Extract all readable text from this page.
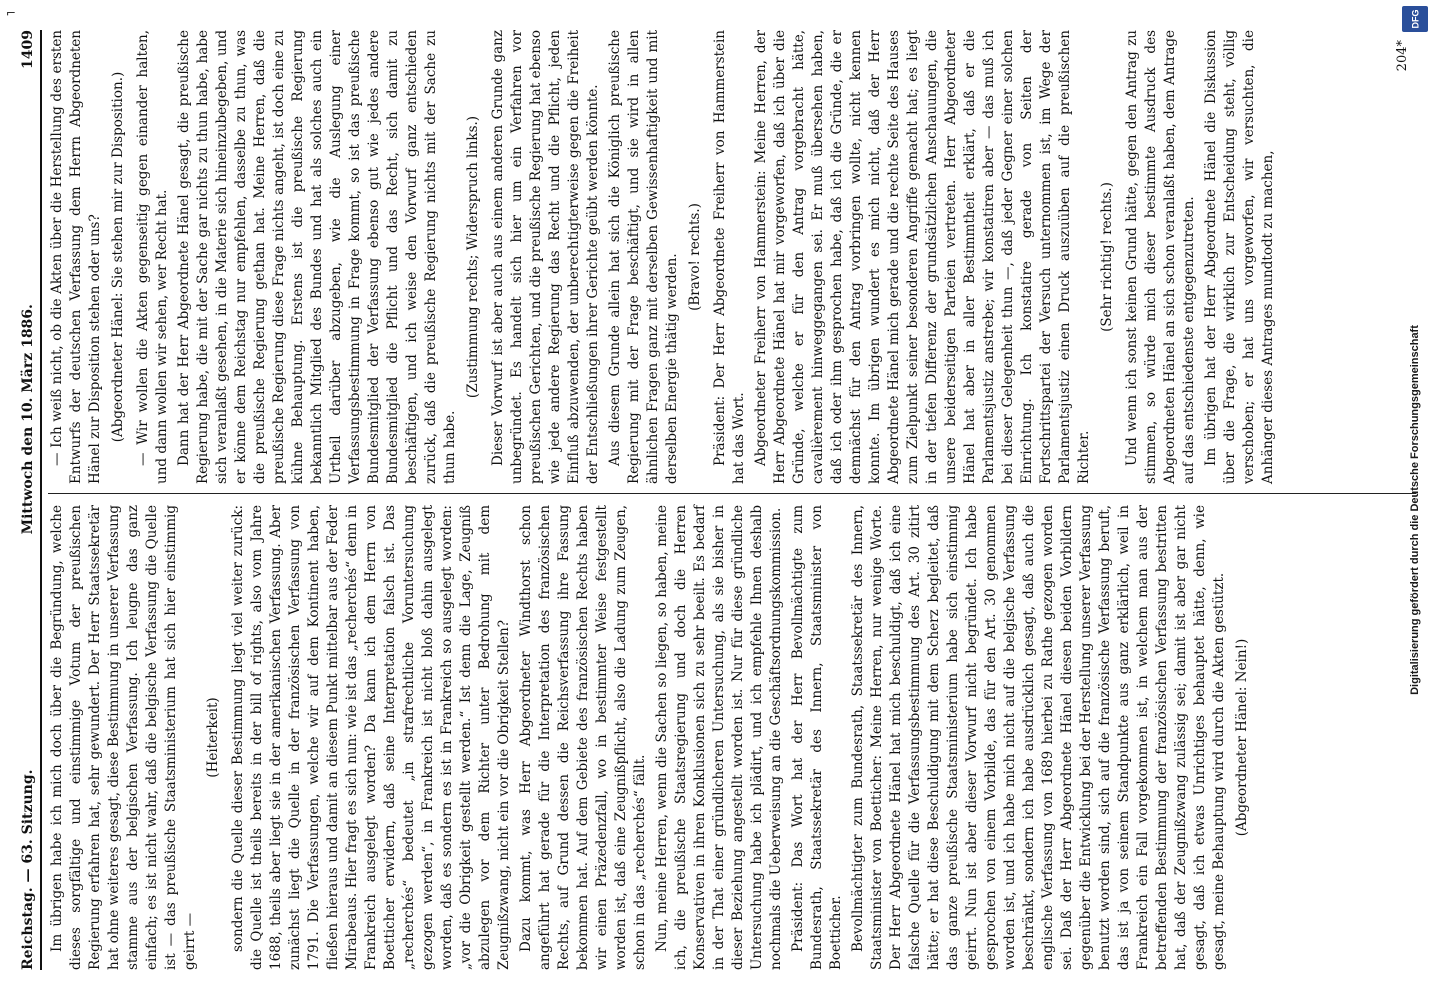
⌐
Reichstag. — 63. Sitzung.
Mittwoch den 10. März 1886.
1409

Im übrigen habe ich mich doch über die Begründung, welche dieses sorgfältige und einstimmige Votum der preußischen Regierung erfahren hat, sehr gewundert. Der Herr Staatssekretär hat ohne weiteres gesagt, diese Bestimmung in unserer Verfassung stamme aus der belgischen Verfassung. Ich leugne das ganz einfach; es ist nicht wahr, daß die belgische Verfassung die Quelle ist — das preußische Staatsministerium hat sich hier einstimmig geirrt —

(Heiterkeit) sondern die Quelle dieser Bestimmung liegt viel weiter zurück: die Quelle ist theils bereits in der bill of rights, also vom Jahre 1688, theils aber liegt sie in der amerikanischen Verfassung. Aber zunächst liegt die Quelle in der französischen Verfassung von 1791. Die Verfassungen, welche wir auf dem Kontinent haben, fließen hieraus und damit an diesem Punkt mittelbar aus der Feder Mirabeaus. Hier fragt es sich nun: wie ist das „recherchés“ denn in Frankreich ausgelegt worden? Da kann ich dem Herrn von Boetticher erwidern, daß seine Interpretation falsch ist. Das „recherchés“ bedeutet „in strafrechtliche Voruntersuchung gezogen werden“, in Frankreich ist nicht bloß dahin ausgelegt worden, daß es sondern es ist in Frankreich so ausgelegt worden: „vor die Obrigkeit gestellt werden.“ Ist denn die Lage, Zeugniß abzulegen vor dem Richter unter Bedrohung mit dem Zeugnißzwang, nicht ein vor die Obrigkeit Stellen? Dazu kommt, was Herr Abgeordneter Windthorst schon angeführt hat gerade für die Interpretation des französischen Rechts, auf Grund dessen die Reichsverfassung ihre Fassung bekommen hat. Auf dem Gebiete des französischen Rechts haben wir einen Präzedenzfall, wo in bestimmter Weise festgestellt worden ist, daß eine Zeugnißpflicht, also die Ladung zum Zeugen, schon in das „recherchés“ fällt. Nun, meine Herren, wenn die Sachen so liegen, so haben, meine ich, die preußische Staatsregierung und doch die Herren Konservativen in ihren Konklusionen sich zu sehr beeilt. Es bedarf in der That einer gründlicheren Untersuchung, als sie bisher in dieser Beziehung angestellt worden ist. Nur für diese gründliche Untersuchung habe ich plädirt, und ich empfehle Ihnen deshalb nochmals die Ueberweisung an die Geschäftsordnungskommission. Präsident: Das Wort hat der Herr Bevollmächtigte zum Bundesrath, Staatssekretär des Innern, Staatsminister von Boetticher. Bevollmächtigter zum Bundesrath, Staatssekretär des Innern, Staatsminister von Boetticher: Meine Herren, nur wenige Worte. Der Herr Abgeordnete Hänel hat mich beschuldigt, daß ich eine falsche Quelle für die Verfassungsbestimmung des Art. 30 zitirt hätte; er hat diese Beschuldigung mit dem Scherz begleitet, daß das ganze preußische Staatsministerium habe sich einstimmig geirrt. Nun ist aber dieser Vorwurf nicht begründet. Ich habe gesprochen von einem Vorbilde, das für den Art. 30 genommen worden ist, und ich habe mich nicht auf die belgische Verfassung beschränkt, sondern ich habe ausdrücklich gesagt, daß auch die englische Verfassung von 1689 hierbei zu Rathe gezogen worden sei. Daß der Herr Abgeordnete Hänel diesen beiden Vorbildern gegenüber die Entwicklung bei der Herstellung unserer Verfassung benutzt worden sind, sich auf die französische Verfassung beruft, das ist ja von seinem Standpunkte aus ganz erklärlich, weil in Frankreich ein Fall vorgekommen ist, in welchem man aus der betreffenden Bestimmung der französischen Verfassung bestritten hat, daß der Zeugnißzwang zulässig sei; damit ist aber gar nicht gesagt, daß ich etwas Unrichtiges behauptet hätte, denn, wie gesagt, meine Behauptung wird durch die Akten gestützt. (Abgeordneter Hänel: Nein!)

— Ich weiß nicht, ob die Akten über die Herstellung des ersten Entwurfs der deutschen Verfassung dem Herrn Abgeordneten Hänel zur Disposition stehen oder uns? (Abgeordneter Hänel: Sie stehen mir zur Disposition.) — Wir wollen die Akten gegenseitig gegen einander halten, und dann wollen wir sehen, wer Recht hat. Dann hat der Herr Abgeordnete Hänel gesagt, die preußische Regierung habe, die mit der Sache gar nichts zu thun habe, habe sich veranlaßt gesehen, in die Materie sich hineinzubegeben, und er könne dem Reichstag nur empfehlen, dasselbe zu thun, was die preußische Regierung gethan hat. Meine Herren, daß die preußische Regierung diese Frage nichts angeht, ist doch eine zu kühne Behauptung. Erstens ist die preußische Regierung bekanntlich Mitglied des Bundes und hat als solches auch ein Urtheil darüber abzugeben, wie die Auslegung einer Verfassungsbestimmung in Frage kommt, so ist das preußische Bundesmitglied der Verfassung ebenso gut wie jedes andere Bundesmitglied die Pflicht und das Recht, sich damit zu beschäftigen, und ich weise den Vorwurf ganz entschieden zurück, daß die preußische Regierung nichts mit der Sache zu thun habe.

(Zustimmung rechts; Widerspruch links.) Dieser Vorwurf ist aber auch aus einem anderen Grunde ganz unbegründet. Es handelt sich hier um ein Verfahren vor preußischen Gerichten, und die preußische Regierung hat ebenso wie jede andere Regierung das Recht und die Pflicht, jeden Einfluß abzuwenden, der unberechtigterweise gegen die Freiheit der Entschließungen ihrer Gerichte geübt werden könnte. Aus diesem Grunde allein hat sich die Königlich preußische Regierung mit der Frage beschäftigt, und sie wird in allen ähnlichen Fragen ganz mit derselben Gewissenhaftigkeit und mit derselben Energie thätig werden. (Bravo! rechts.) Präsident: Der Herr Abgeordnete Freiherr von Hammerstein hat das Wort. Abgeordneter Freiherr von Hammerstein: Meine Herren, der Herr Abgeordnete Hänel hat mir vorgeworfen, daß ich über die Gründe, welche er für den Antrag vorgebracht hätte, cavalièrement hinweggegangen sei. Er muß übersehen haben, daß ich oder ihm gesprochen habe, daß ich die Gründe, die er demnächst für den Antrag vorbringen wollte, nicht kennen konnte. Im übrigen wundert es mich nicht, daß der Herr Abgeordnete Hänel mich gerade und die rechte Seite des Hauses zum Zielpunkt seiner besonderen Angriffe gemacht hat; es liegt in der tiefen Differenz der grundsätzlichen Anschauungen, die unsere beiderseitigen Parteien vertreten. Herr Abgeordneter Hänel hat aber in aller Bestimmtheit erklärt, daß er die Parlamentsjustiz anstrebe; wir konstatiren aber — das muß ich bei dieser Gelegenheit thun —, daß jeder Gegner einer solchen Einrichtung. Ich konstatire gerade von Seiten der Fortschrittspartei der Versuch unternommen ist, im Wege der Parlamentsjustiz einen Druck auszuüben auf die preußischen Richter.

(Sehr richtig! rechts.) Und wenn ich sonst keinen Grund hätte, gegen den Antrag zu stimmen, so würde mich dieser bestimmte Ausdruck des Abgeordneten Hänel an sich schon veranlaßt haben, dem Antrage auf das entschiedenste entgegenzutreten. Im übrigen hat der Herr Abgeordnete Hänel die Diskussion über die Frage, die wirklich zur Entscheidung steht, völlig verschoben; er hat uns vorgeworfen, wir versuchten, die Anhänger dieses Antrages mundtodt zu machen,

204*
DFG
Digitalisierung gefördert durch die Deutsche Forschungsgemeinschaft
